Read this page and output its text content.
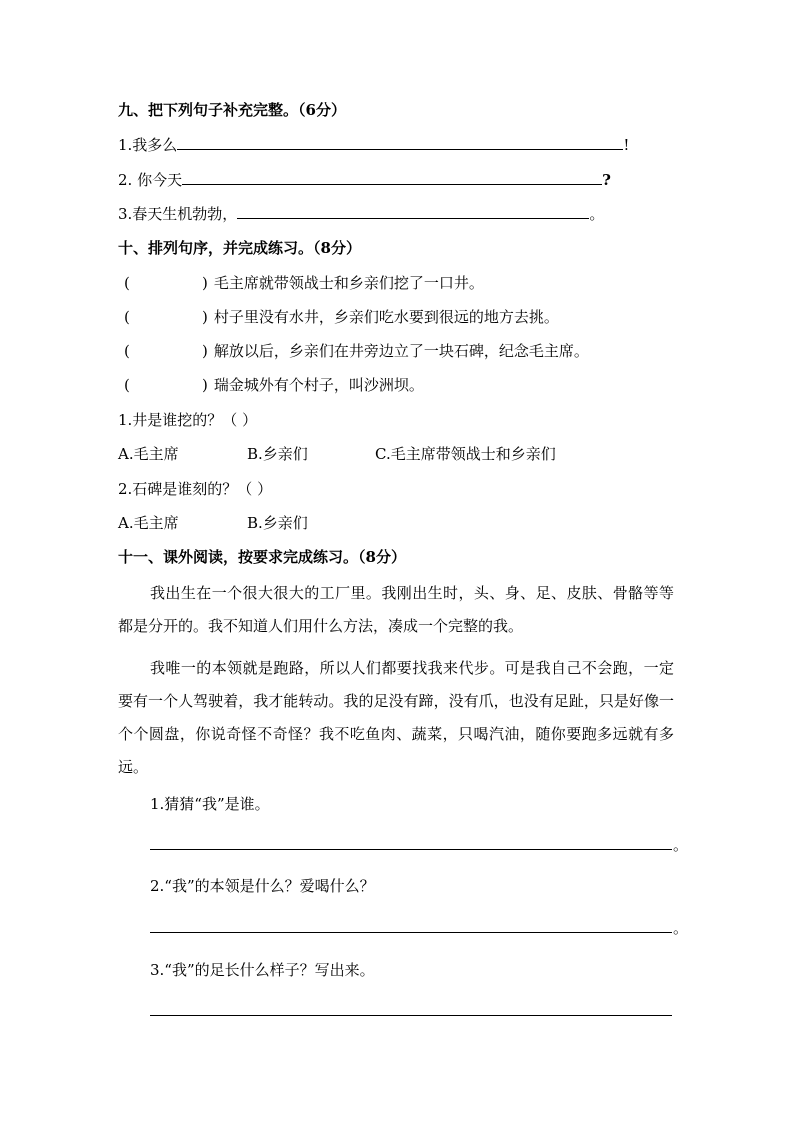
九、把下列句子补充完整。（6分）
1.我多么	!
2. 你今天	?
3.春天生机勃勃，	。
十、排列句序，并完成练习。（8分）
(	) 毛主席就带领战士和乡亲们挖了一口井。
(	) 村子里没有水井，乡亲们吃水要到很远的地方去挑。
(	) 解放以后，乡亲们在井旁边立了一块石碑，纪念毛主席。
(	) 瑞金城外有个村子，叫沙洲坝。
1.井是谁挖的？（ ）
A.毛主席	B.乡亲们	C.毛主席带领战士和乡亲们
2.石碑是谁刻的？（ ）
A.毛主席	B.乡亲们
十一、课外阅读，按要求完成练习。（8分）
我出生在一个很大很大的工厂里。我刚出生时，头、身、足、皮肤、骨骼等等都是分开的。我不知道人们用什么方法，凑成一个完整的我。
我唯一的本领就是跑路，所以人们都要找我来代步。可是我自己不会跑，一定要有一个人驾驶着，我才能转动。我的足没有蹄，没有爪，也没有足趾，只是好像一个个圆盘，你说奇怪不奇怪？我不吃鱼肉、蔬菜，只喝汽油，随你要跑多远就有多远。
1.猜猜“我”是谁。
。
2.“我”的本领是什么？爱喝什么？
。
3.“我”的足长什么样子？写出来。
